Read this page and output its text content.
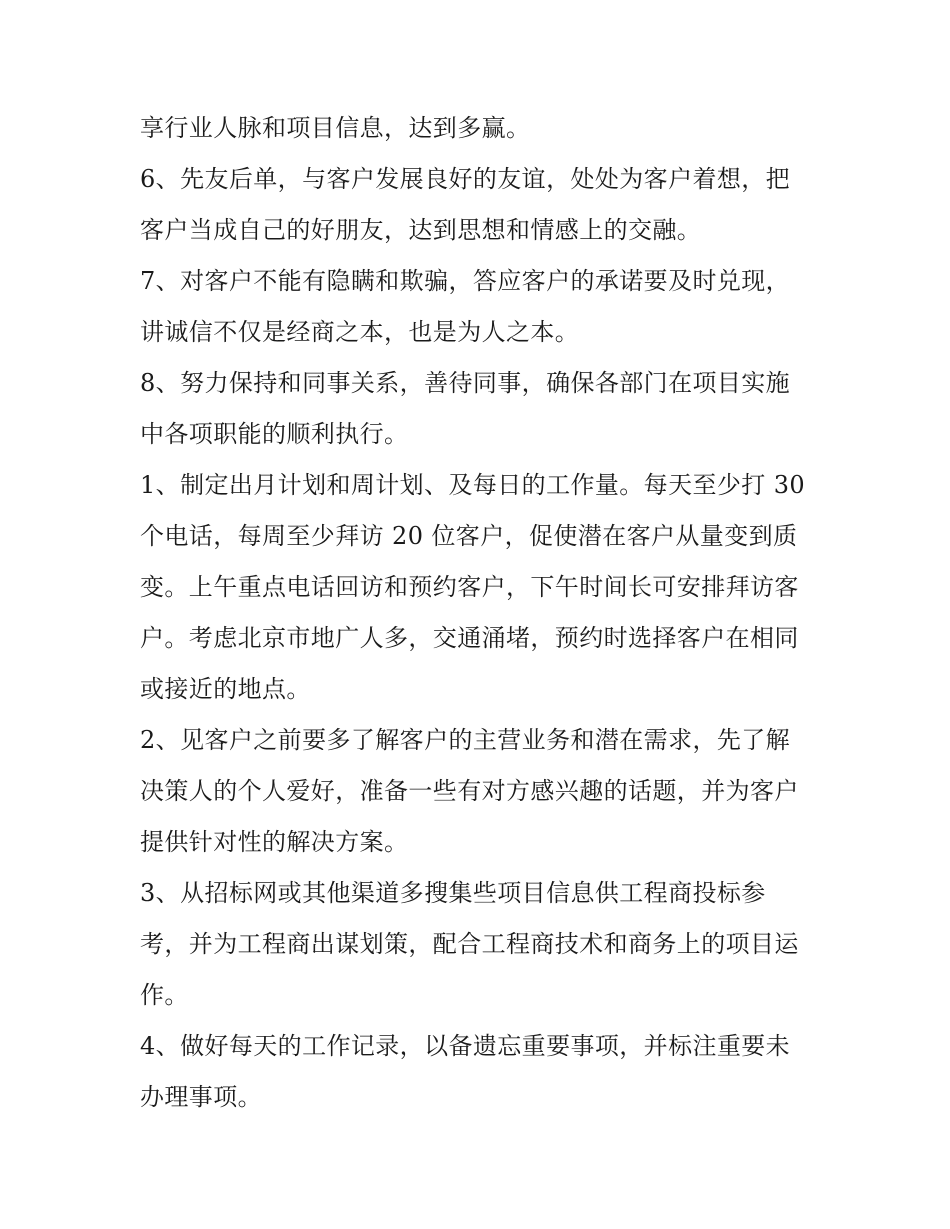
享行业人脉和项目信息，达到多赢。
6、先友后单，与客户发展良好的友谊，处处为客户着想，把
客户当成自己的好朋友，达到思想和情感上的交融。
7、对客户不能有隐瞒和欺骗，答应客户的承诺要及时兑现，
讲诚信不仅是经商之本，也是为人之本。
8、努力保持和同事关系，善待同事，确保各部门在项目实施
中各项职能的顺利执行。
1、制定出月计划和周计划、及每日的工作量。每天至少打 30
个电话，每周至少拜访 20 位客户，促使潜在客户从量变到质
变。上午重点电话回访和预约客户，下午时间长可安排拜访客
户。考虑北京市地广人多，交通涌堵，预约时选择客户在相同
或接近的地点。
2、见客户之前要多了解客户的主营业务和潜在需求，先了解
决策人的个人爱好，准备一些有对方感兴趣的话题，并为客户
提供针对性的解决方案。
3、从招标网或其他渠道多搜集些项目信息供工程商投标参
考，并为工程商出谋划策，配合工程商技术和商务上的项目运
作。
4、做好每天的工作记录，以备遗忘重要事项，并标注重要未
办理事项。
